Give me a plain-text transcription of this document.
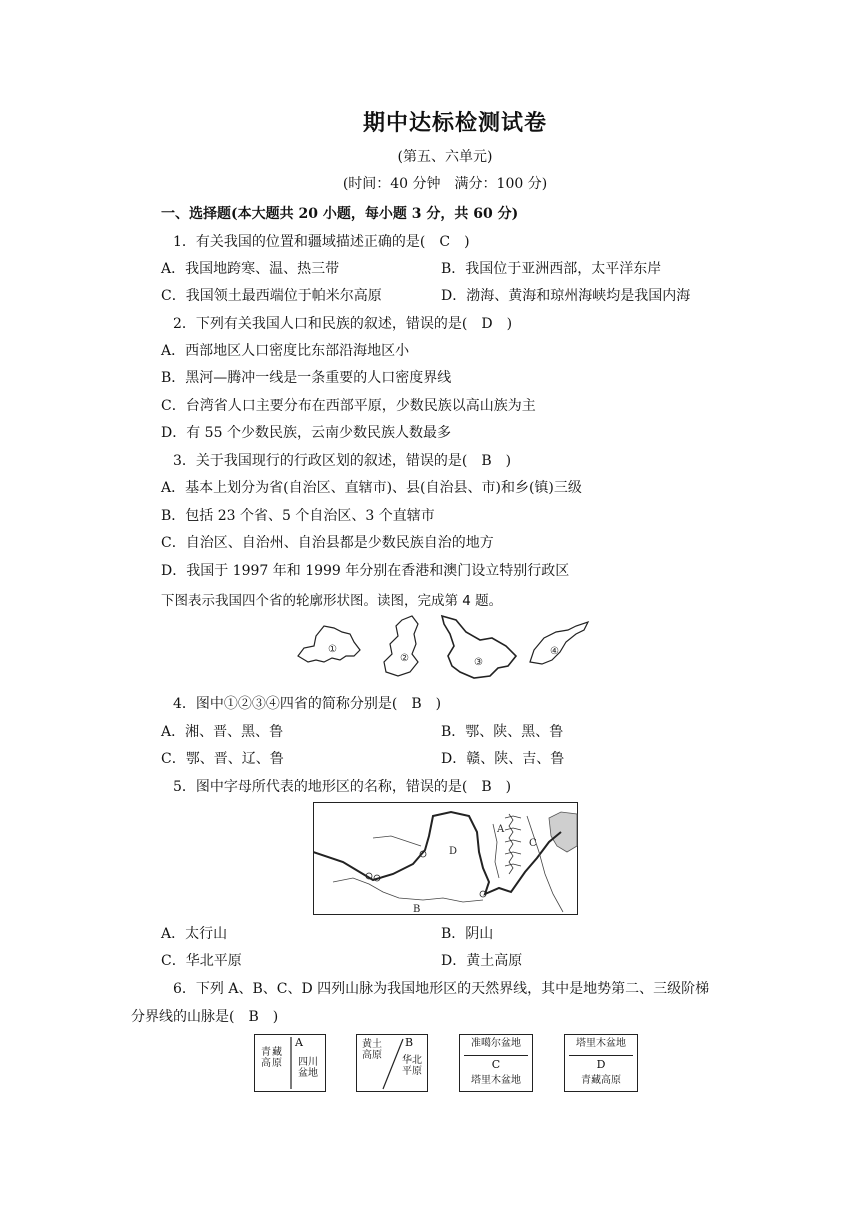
期中达标检测试卷
(第五、六单元)
(时间：40 分钟　满分：100 分)
一、选择题(本大题共 20 小题，每小题 3 分，共 60 分)
1．有关我国的位置和疆域描述正确的是(　C　)
A．我国地跨寒、温、热三带	B．我国位于亚洲西部，太平洋东岸
C．我国领土最西端位于帕米尔高原	D．渤海、黄海和琼州海峡均是我国内海
2．下列有关我国人口和民族的叙述，错误的是(　D　)
A．西部地区人口密度比东部沿海地区小
B．黑河—腾冲一线是一条重要的人口密度界线
C．台湾省人口主要分布在西部平原，少数民族以高山族为主
D．有 55 个少数民族，云南少数民族人数最多
3．关于我国现行的行政区划的叙述，错误的是(　B　)
A．基本上划分为省(自治区、直辖市)、县(自治县、市)和乡(镇)三级
B．包括 23 个省、5 个自治区、3 个直辖市
C．自治区、自治州、自治县都是少数民族自治的地方
D．我国于 1997 年和 1999 年分别在香港和澳门设立特别行政区
下图表示我国四个省的轮廓形状图。读图，完成第 4 题。
①
②	③
④
4．图中①②③④四省的简称分别是(　B　)
A．湘、晋、黑、鲁	B．鄂、陕、黑、鲁
C．鄂、晋、辽、鲁	D．赣、陕、吉、鲁
5．图中字母所代表的地形区的名称，错误的是(　B　)
A
B
C
D
A．太行山	B．阴山
C．华北平原	D．黄土高原
6．下列 A、B、C、D 四列山脉为我国地形区的天然界线，其中是地势第二、三级阶梯
分界线的山脉是(　B　)
A
青藏高原	四川盆地
B
黄土高原	华北平原
准噶尔盆地
C
塔里木盆地
塔里木盆地
D
青藏高原
